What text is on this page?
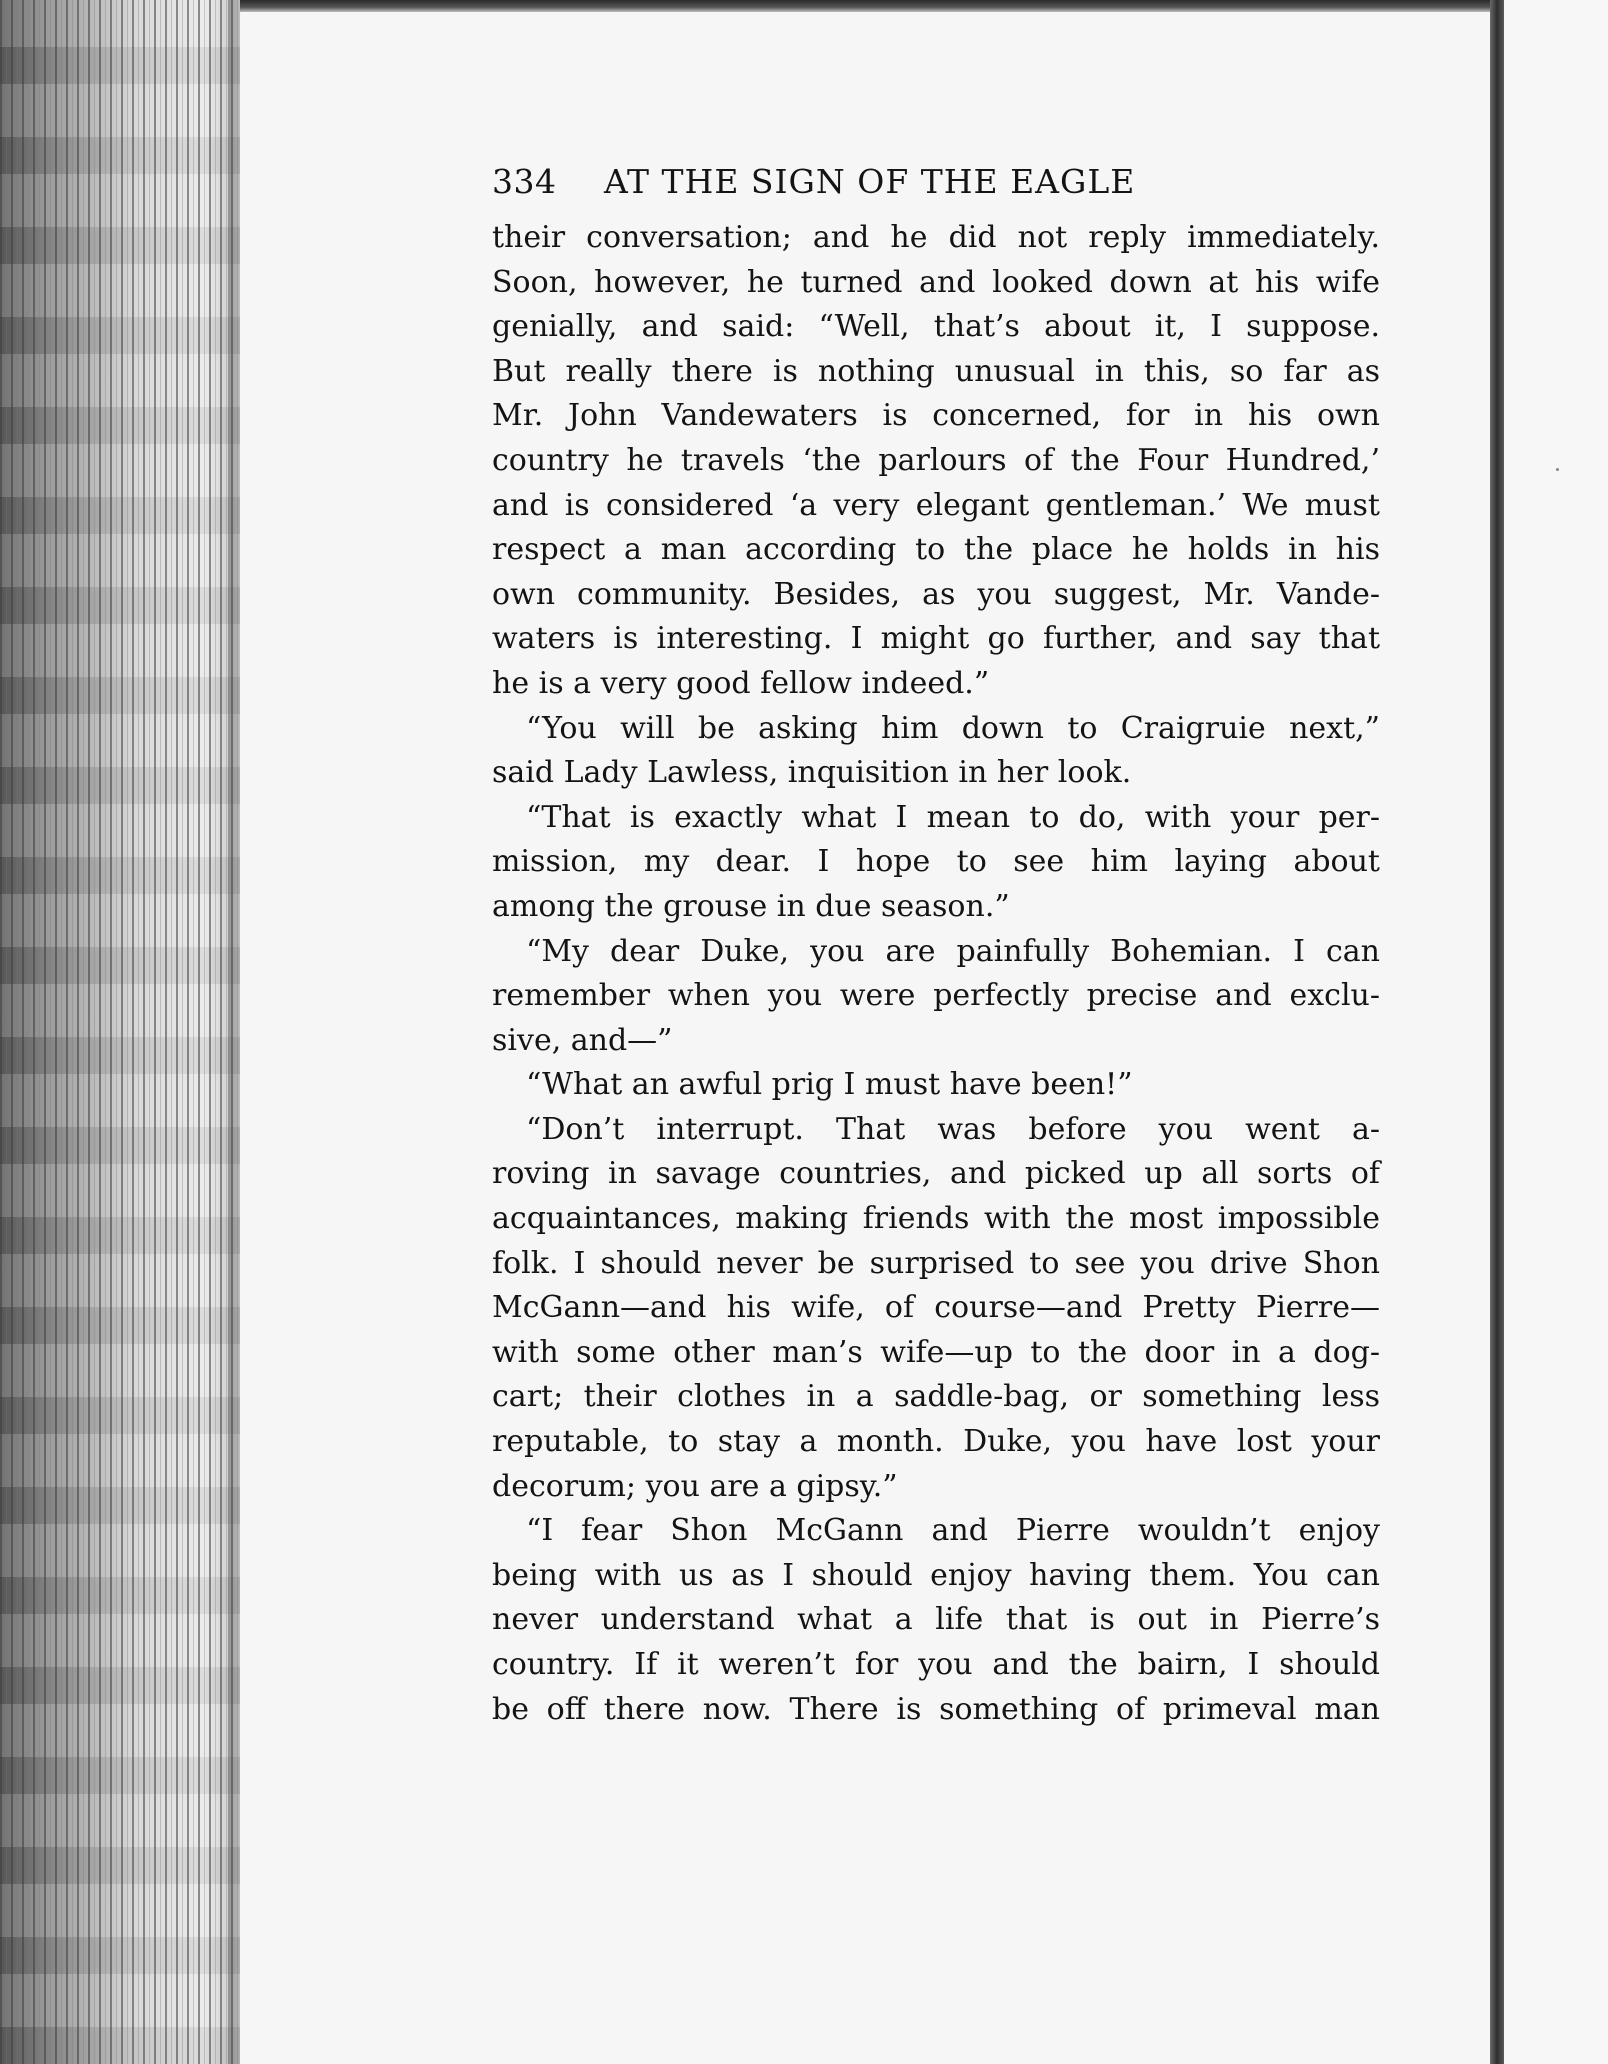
334	AT THE SIGN OF THE EAGLE
their conversation; and he did not reply immediately.
Soon, however, he turned and looked down at his wife
genially, and said: “Well, that’s about it, I suppose.
But really there is nothing unusual in this, so far as
Mr. John Vandewaters is concerned, for in his own
country he travels ‘the parlours of the Four Hundred,’
and is considered ‘a very elegant gentleman.’ We must
respect a man according to the place he holds in his
own community. Besides, as you suggest, Mr. Vande-
waters is interesting. I might go further, and say that
he is a very good fellow indeed.”
“You will be asking him down to Craigruie next,”
said Lady Lawless, inquisition in her look.
“That is exactly what I mean to do, with your per-
mission, my dear. I hope to see him laying about
among the grouse in due season.”
“My dear Duke, you are painfully Bohemian. I can
remember when you were perfectly precise and exclu-
sive, and—”
“What an awful prig I must have been!”
“Don’t interrupt. That was before you went a-
roving in savage countries, and picked up all sorts of
acquaintances, making friends with the most impossible
folk. I should never be surprised to see you drive Shon
McGann—and his wife, of course—and Pretty Pierre—
with some other man’s wife—up to the door in a dog-
cart; their clothes in a saddle-bag, or something less
reputable, to stay a month. Duke, you have lost your
decorum; you are a gipsy.”
“I fear Shon McGann and Pierre wouldn’t enjoy
being with us as I should enjoy having them. You can
never understand what a life that is out in Pierre’s
country. If it weren’t for you and the bairn, I should
be off there now. There is something of primeval man
